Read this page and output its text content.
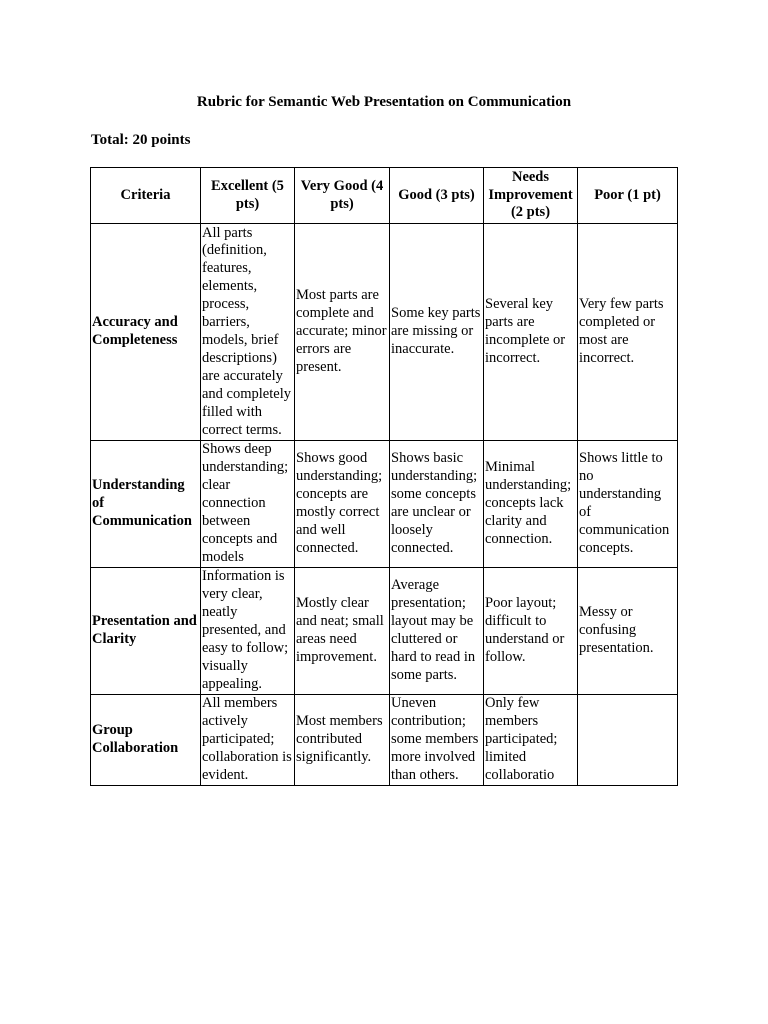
Rubric for Semantic Web Presentation on Communication
Total: 20 points
Criteria	Excellent (5 pts)	Very Good (4 pts)	Good (3 pts)	Needs Improvement (2 pts)	Poor (1 pt)
Accuracy and Completeness	All parts (definition, features, elements, process, barriers, models, brief descriptions) are accurately and completely filled with correct terms.	Most parts are complete and accurate; minor errors are present.	Some key parts are missing or inaccurate.	Several key parts are incomplete or incorrect.	Very few parts completed or most are incorrect.
Understanding of Communication	Shows deep understanding; clear connection between concepts and models	Shows good understanding; concepts are mostly correct and well connected.	Shows basic understanding; some concepts are unclear or loosely connected.	Minimal understanding; concepts lack clarity and connection.	Shows little to no understanding of communication concepts.
Presentation and Clarity	Information is very clear, neatly presented, and easy to follow; visually appealing.	Mostly clear and neat; small areas need improvement.	Average presentation; layout may be cluttered or hard to read in some parts.	Poor layout; difficult to understand or follow.	Messy or confusing presentation.
Group Collaboration	All members actively participated; collaboration is evident.	Most members contributed significantly.	Uneven contribution; some members more involved than others.	Only few members participated; limited collaboratio	
